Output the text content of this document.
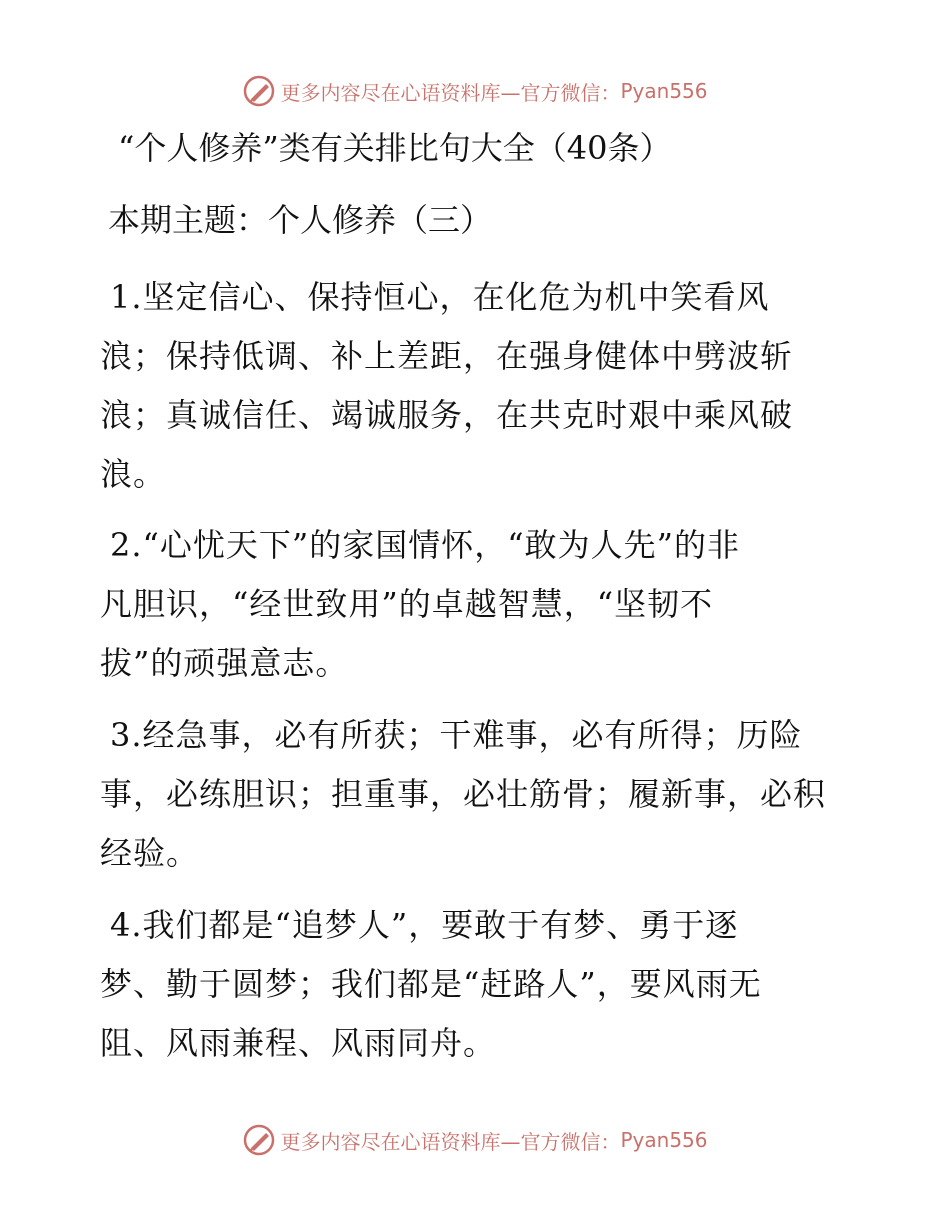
更多内容尽在心语资料库—官方微信： Pyan556
“个人修养”类有关排比句大全（40条）
本期主题：个人修养（三）
1.坚定信心、保持恒心，在化危为机中笑看风
浪；保持低调、补上差距，在强身健体中劈波斩
浪；真诚信任、竭诚服务，在共克时艰中乘风破
浪。
2.“心忧天下”的家国情怀，“敢为人先”的非
凡胆识，“经世致用”的卓越智慧，“坚韧不
拔”的顽强意志。
3.经急事，必有所获；干难事，必有所得；历险
事，必练胆识；担重事，必壮筋骨；履新事，必积
经验。
4.我们都是“追梦人”，要敢于有梦、勇于逐
梦、勤于圆梦；我们都是“赶路人”，要风雨无
阻、风雨兼程、风雨同舟。
更多内容尽在心语资料库—官方微信： Pyan556
